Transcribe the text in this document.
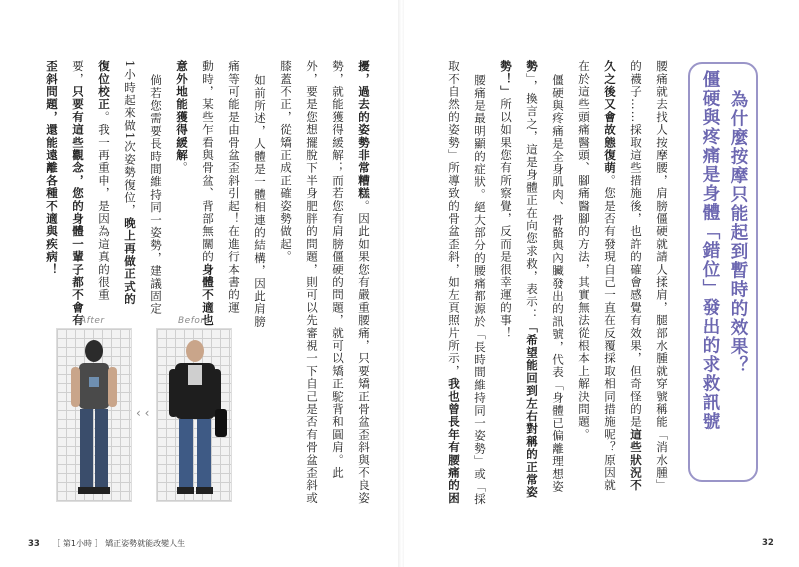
為什麼按摩只能起到暫時的效果？
僵硬與疼痛是身體「錯位」發出的求救訊號
腰痛就去找人按摩腰，肩膀僵硬就請人揉肩，腿部水腫就穿號稱能「消水腫」
的襪子……採取這些措施後，也許的確會感覺有效果，但奇怪的是這些狀況不
久之後又會故態復萌。您是否有發現自己一直在反覆採取相同措施呢？原因就
在於這些頭痛醫頭、腳痛醫腳的方法，其實無法從根本上解決問題。
僵硬與疼痛是全身肌肉、骨骼與內臟發出的訊號，代表「身體已偏離理想姿
勢」，換言之，這是身體正在向您求救，表示：「希望能回到左右對稱的正常姿
勢！」所以如果您有所察覺，反而是很幸運的事！
腰痛是最明顯的症狀。絕大部分的腰痛都源於「長時間維持同一姿勢」或「採
取不自然的姿勢」所導致的骨盆歪斜，如左頁照片所示，我也曾長年有腰痛的困
32
擾，過去的姿勢非常糟糕。因此如果您有嚴重腰痛，只要矯正骨盆歪斜與不良姿
勢，就能獲得緩解；而若您有肩膀僵硬的問題，就可以矯正駝背和圓肩。此
外，要是您想擺脫下半身肥胖的問題，則可以先審視一下自己是否有骨盆歪斜或
膝蓋不正，從矯正成正確姿勢做起。
如前所述，人體是一體相連的結構，因此肩膀
痛等可能是由骨盆歪斜引起！在進行本書的運
動時，某些乍看與骨盆、背部無關的身體不適也
意外地能獲得緩解。
倘若您需要長時間維持同一姿勢，建議固定
1小時起來做1次姿勢復位，晚上再做正式的
復位校正。我一再重申，是因為這真的很重
要，只要有這些觀念，您的身體一輩子都不會有
歪斜問題，還能遠離各種不適與疾病！
After	Before
‹ ‹
33 ［ 第1小時 ］ 矯正姿勢就能改變人生
